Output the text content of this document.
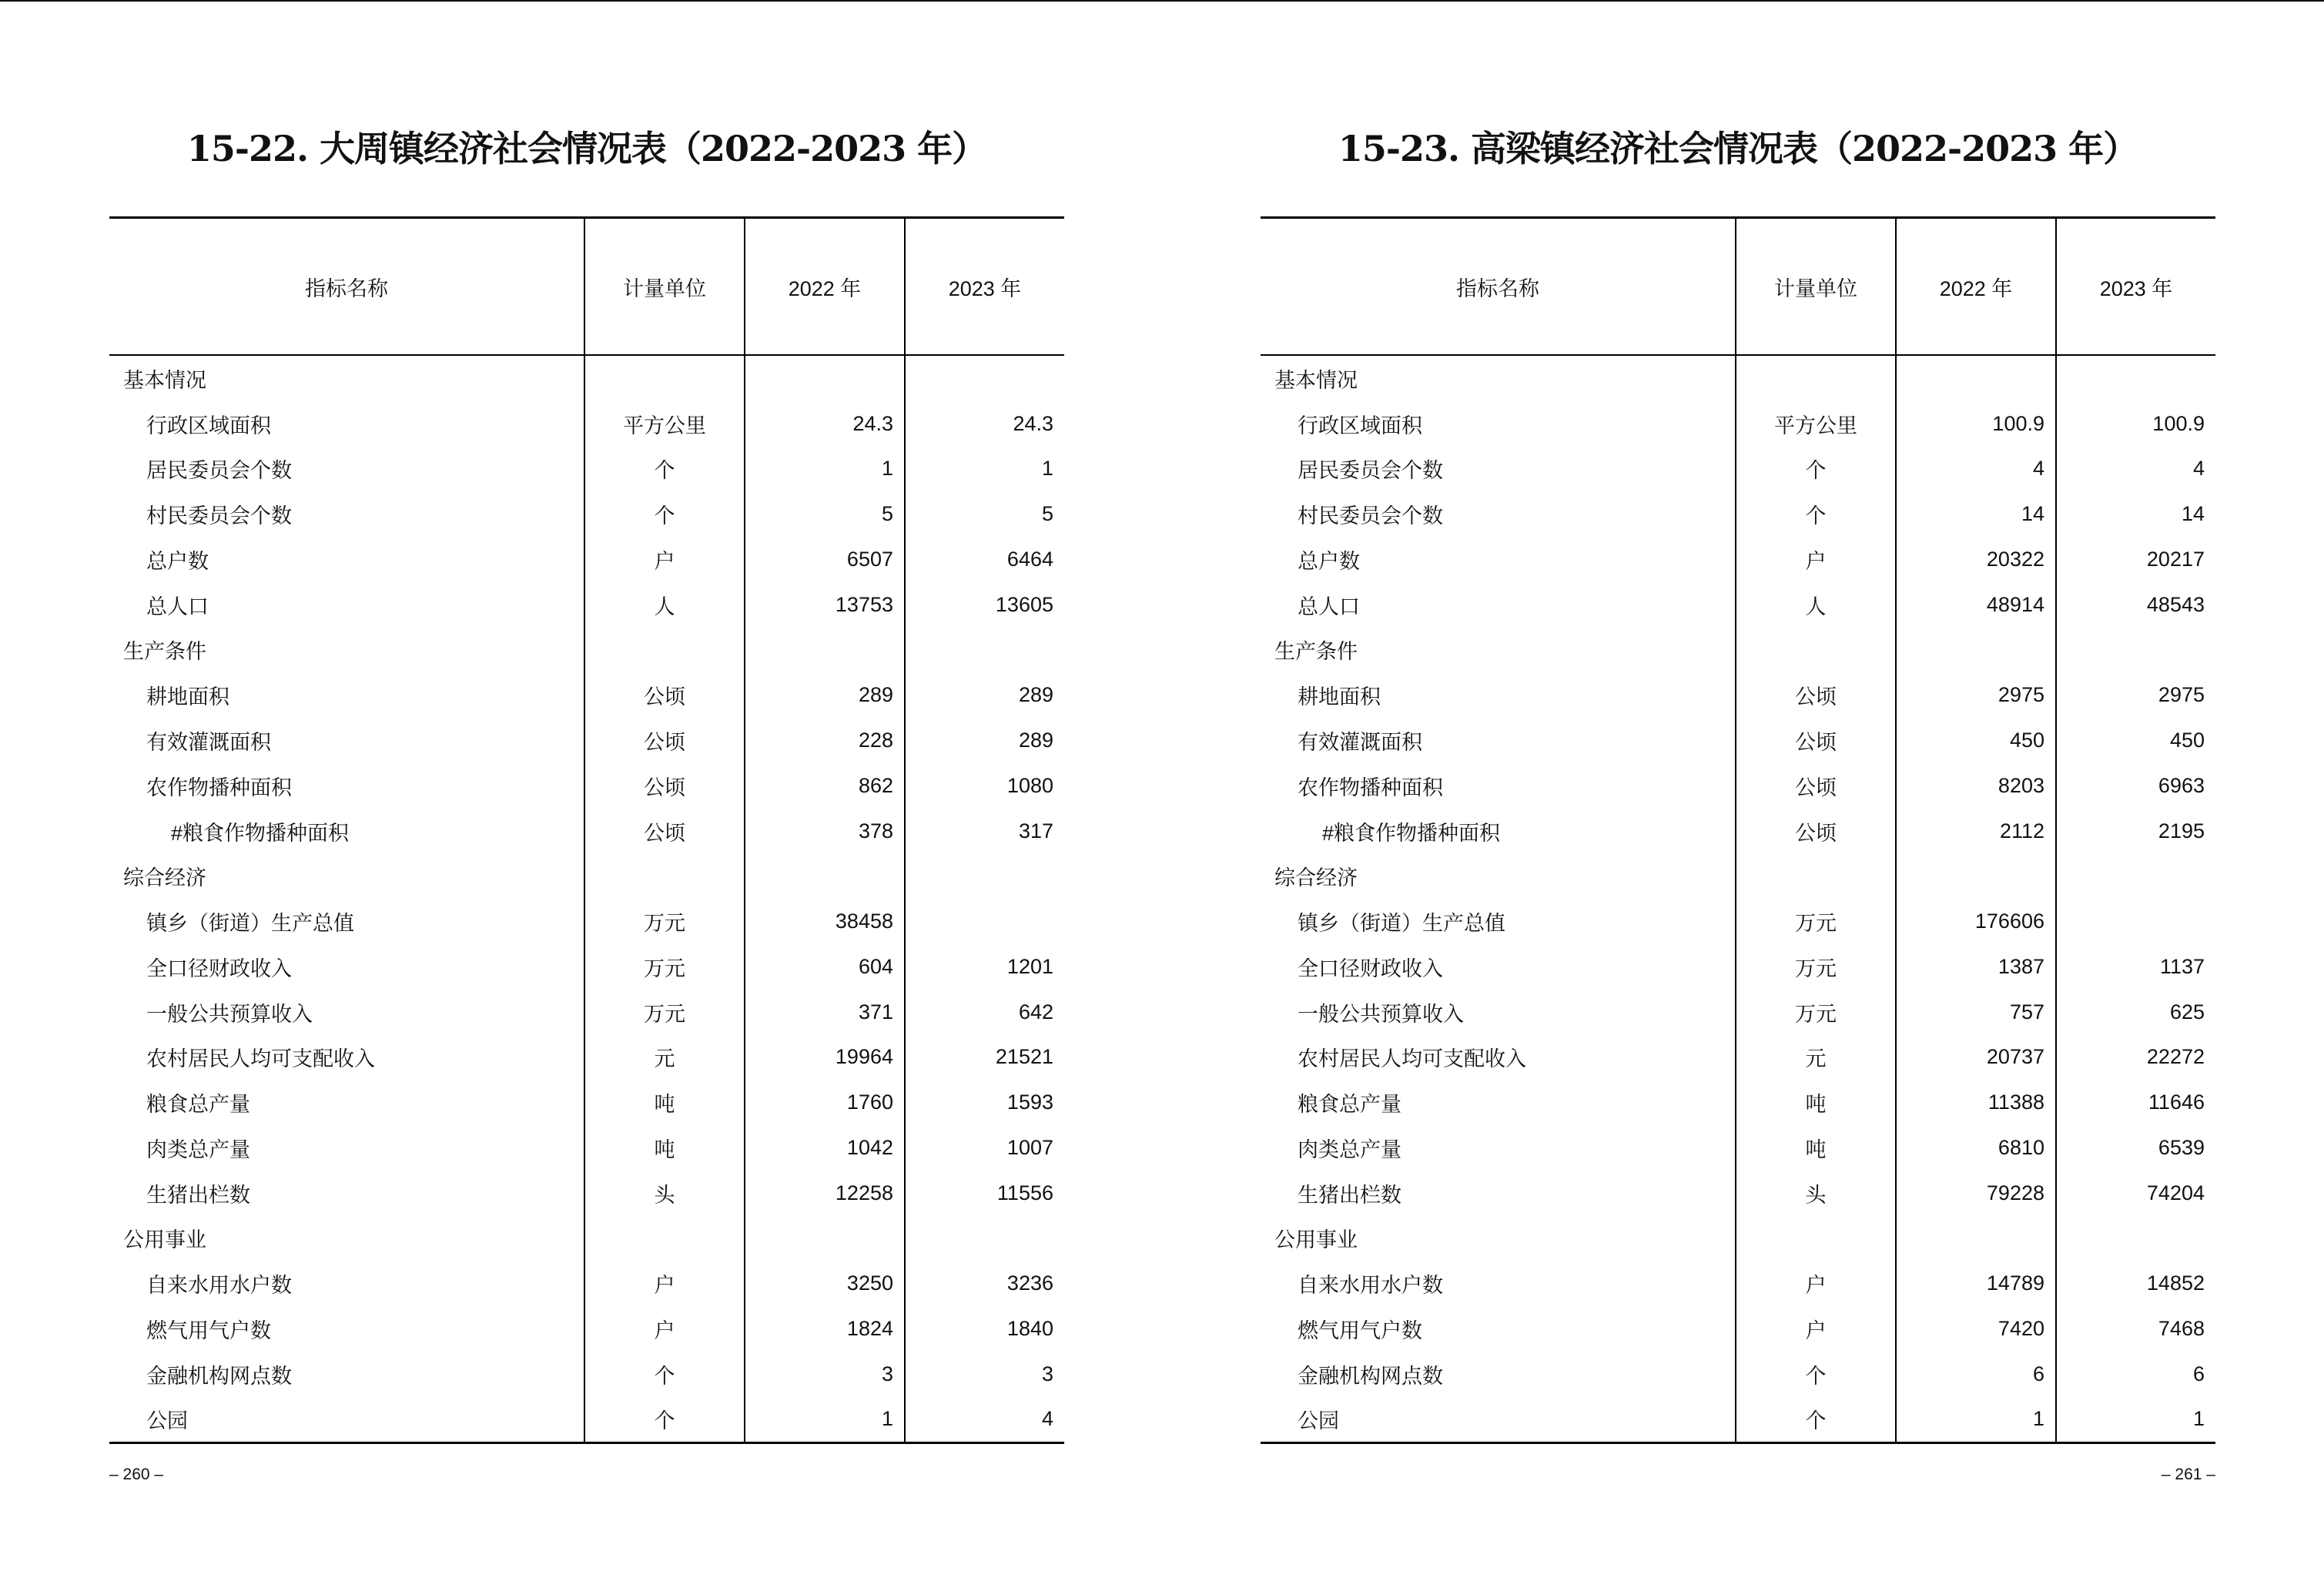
15-22. 大周镇经济社会情况表（2022-2023 年）
指标名称	计量单位	2022 年	2023 年
基本情况			
行政区域面积	平方公里	24.3	24.3
居民委员会个数	个	1	1
村民委员会个数	个	5	5
总户数	户	6507	6464
总人口	人	13753	13605
生产条件			
耕地面积	公顷	289	289
有效灌溉面积	公顷	228	289
农作物播种面积	公顷	862	1080
#粮食作物播种面积	公顷	378	317
综合经济			
镇乡（街道）生产总值	万元	38458	
全口径财政收入	万元	604	1201
一般公共预算收入	万元	371	642
农村居民人均可支配收入	元	19964	21521
粮食总产量	吨	1760	1593
肉类总产量	吨	1042	1007
生猪出栏数	头	12258	11556
公用事业			
自来水用水户数	户	3250	3236
燃气用气户数	户	1824	1840
金融机构网点数	个	3	3
公园	个	1	4
– 260 –
15-23. 高梁镇经济社会情况表（2022-2023 年）
指标名称	计量单位	2022 年	2023 年
基本情况			
行政区域面积	平方公里	100.9	100.9
居民委员会个数	个	4	4
村民委员会个数	个	14	14
总户数	户	20322	20217
总人口	人	48914	48543
生产条件			
耕地面积	公顷	2975	2975
有效灌溉面积	公顷	450	450
农作物播种面积	公顷	8203	6963
#粮食作物播种面积	公顷	2112	2195
综合经济			
镇乡（街道）生产总值	万元	176606	
全口径财政收入	万元	1387	1137
一般公共预算收入	万元	757	625
农村居民人均可支配收入	元	20737	22272
粮食总产量	吨	11388	11646
肉类总产量	吨	6810	6539
生猪出栏数	头	79228	74204
公用事业			
自来水用水户数	户	14789	14852
燃气用气户数	户	7420	7468
金融机构网点数	个	6	6
公园	个	1	1
– 261 –
